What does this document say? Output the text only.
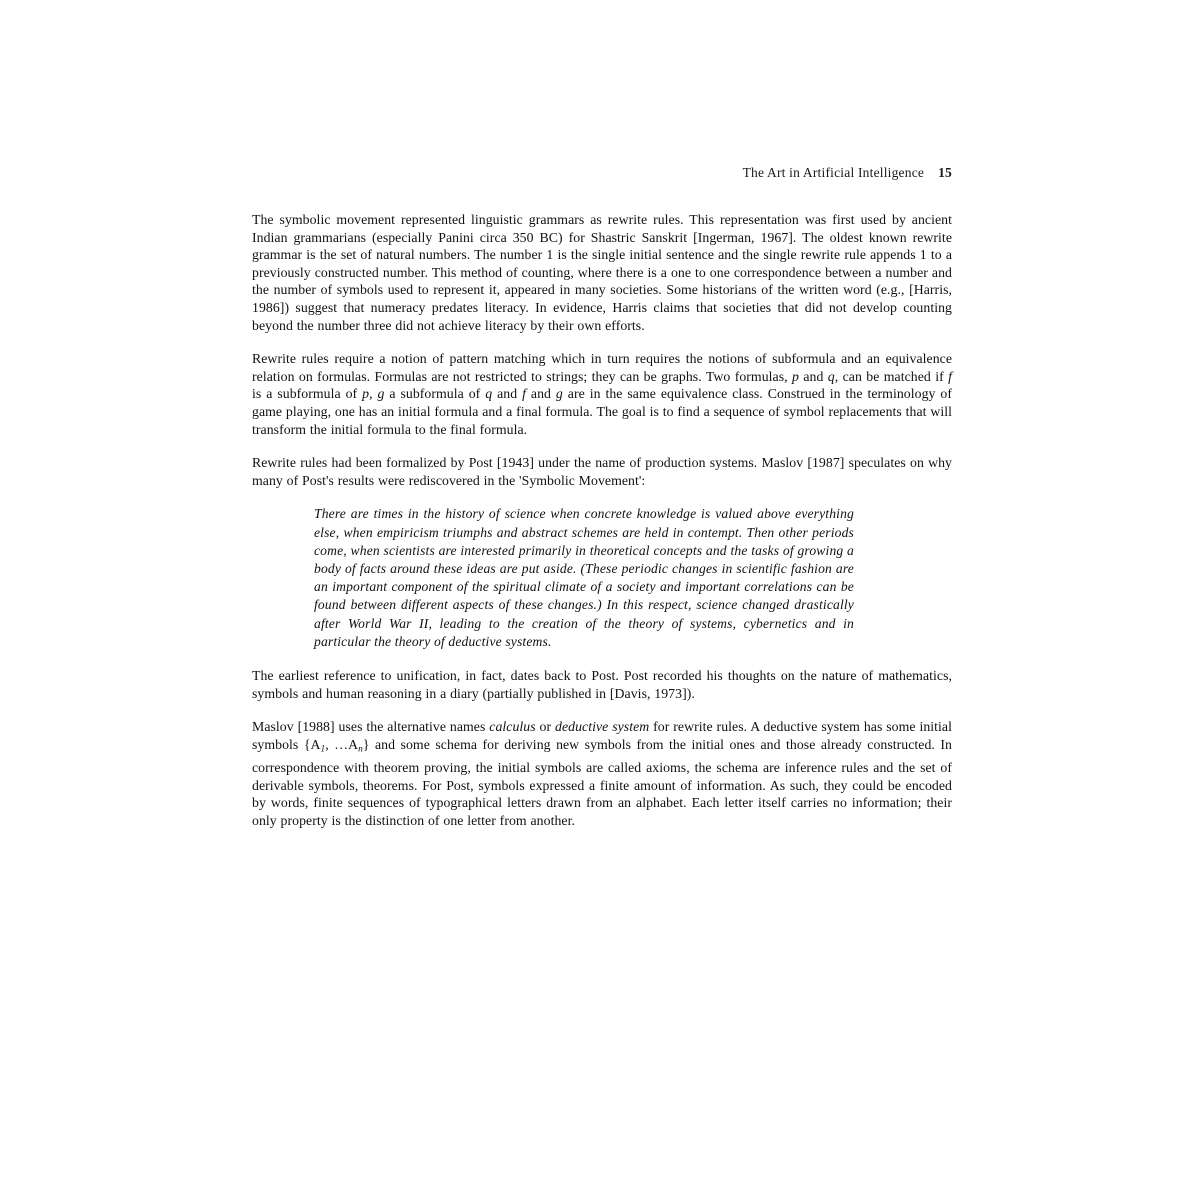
The Art in Artificial Intelligence 15

The symbolic movement represented linguistic grammars as rewrite rules. This representation was first used by ancient Indian grammarians (especially Panini circa 350 BC) for Shastric Sanskrit [Ingerman, 1967]. The oldest known rewrite grammar is the set of natural numbers. The number 1 is the single initial sentence and the single rewrite rule appends 1 to a previously constructed number. This method of counting, where there is a one to one correspondence between a number and the number of symbols used to represent it, appeared in many societies. Some historians of the written word (e.g., [Harris, 1986]) suggest that numeracy predates literacy. In evidence, Harris claims that societies that did not develop counting beyond the number three did not achieve literacy by their own efforts.

Rewrite rules require a notion of pattern matching which in turn requires the notions of subformula and an equivalence relation on formulas. Formulas are not restricted to strings; they can be graphs. Two formulas, p and q, can be matched if f is a subformula of p, g a subformula of q and f and g are in the same equivalence class. Construed in the terminology of game playing, one has an initial formula and a final formula. The goal is to find a sequence of symbol replacements that will transform the initial formula to the final formula.

Rewrite rules had been formalized by Post [1943] under the name of production systems. Maslov [1987] speculates on why many of Post's results were rediscovered in the 'Symbolic Movement':

There are times in the history of science when concrete knowledge is valued above everything else, when empiricism triumphs and abstract schemes are held in contempt. Then other periods come, when scientists are interested primarily in theoretical concepts and the tasks of growing a body of facts around these ideas are put aside. (These periodic changes in scientific fashion are an important component of the spiritual climate of a society and important correlations can be found between different aspects of these changes.) In this respect, science changed drastically after World War II, leading to the creation of the theory of systems, cybernetics and in particular the theory of deductive systems.

The earliest reference to unification, in fact, dates back to Post. Post recorded his thoughts on the nature of mathematics, symbols and human reasoning in a diary (partially published in [Davis, 1973]).

Maslov [1988] uses the alternative names calculus or deductive system for rewrite rules. A deductive system has some initial symbols {A1, …An} and some schema for deriving new symbols from the initial ones and those already constructed. In correspondence with theorem proving, the initial symbols are called axioms, the schema are inference rules and the set of derivable symbols, theorems. For Post, symbols expressed a finite amount of information. As such, they could be encoded by words, finite sequences of typographical letters drawn from an alphabet. Each letter itself carries no information; their only property is the distinction of one letter from another.
